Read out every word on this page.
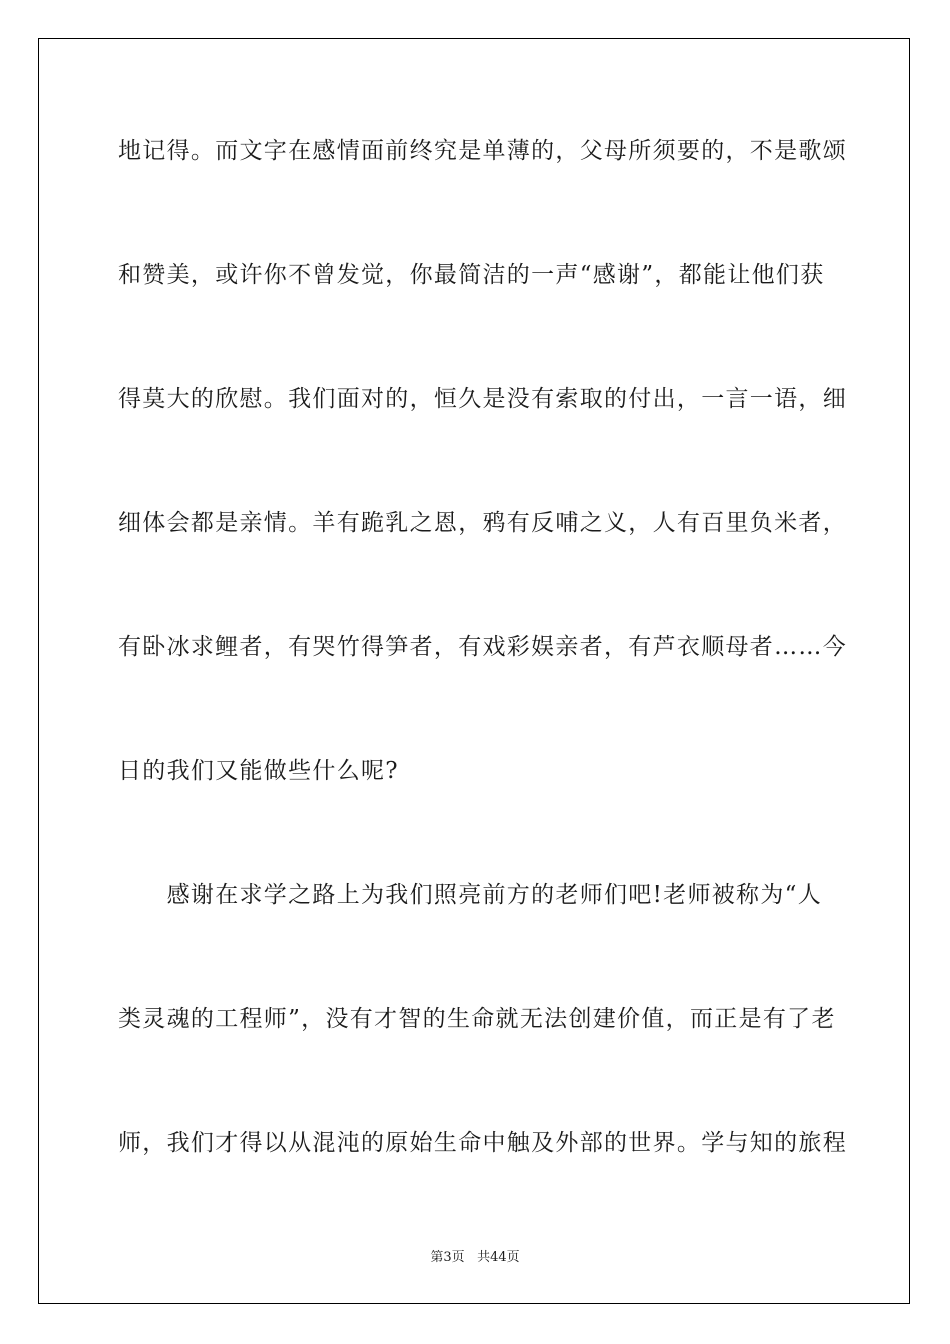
地记得。而文字在感情面前终究是单薄的，父母所须要的，不是歌颂
和赞美，或许你不曾发觉，你最简洁的一声“感谢”，都能让他们获
得莫大的欣慰。我们面对的，恒久是没有索取的付出，一言一语，细
细体会都是亲情。羊有跪乳之恩，鸦有反哺之义，人有百里负米者，
有卧冰求鲤者，有哭竹得笋者，有戏彩娱亲者，有芦衣顺母者……今
日的我们又能做些什么呢?
　　感谢在求学之路上为我们照亮前方的老师们吧!老师被称为“人
类灵魂的工程师”，没有才智的生命就无法创建价值，而正是有了老
师，我们才得以从混沌的原始生命中触及外部的世界。学与知的旅程
第3页 共44页
